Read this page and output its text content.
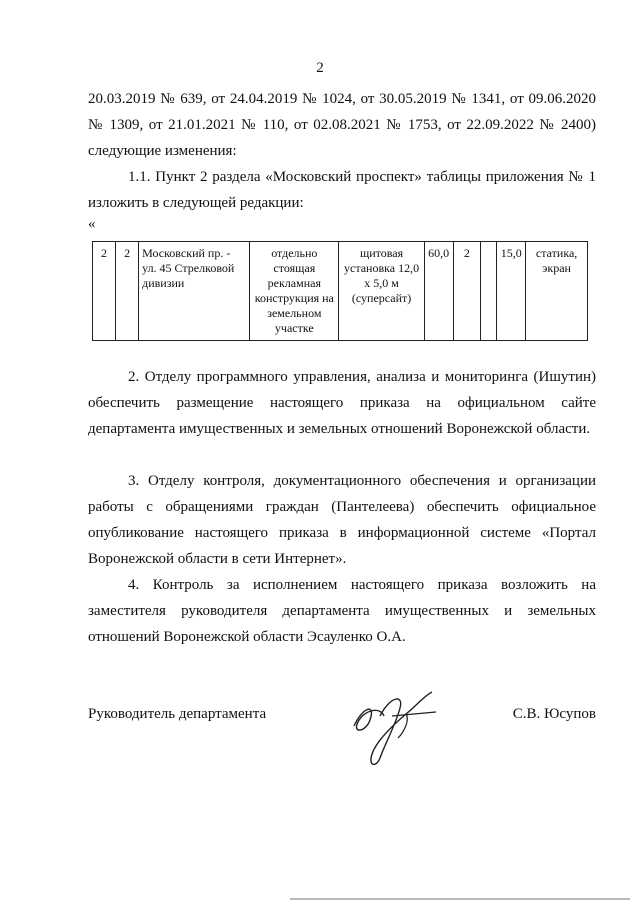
2

20.03.2019 № 639, от 24.04.2019 № 1024, от 30.05.2019 № 1341, от 09.06.2020 № 1309, от 21.01.2021 № 110, от 02.08.2021 № 1753, от 22.09.2022 № 2400) следующие изменения:

1.1. Пункт 2 раздела «Московский проспект» таблицы приложения № 1 изложить в следующей редакции:

«
2	2	Московский пр. - ул. 45 Стрелковой дивизии	отдельно стоящая рекламная конструкция на земельном участке	щитовая установка 12,0 х 5,0 м (суперсайт)	60,0	2		15,0	статика, экран

2. Отделу программного управления, анализа и мониторинга (Ишутин) обеспечить размещение настоящего приказа на официальном сайте департамента имущественных и земельных отношений Воронежской области.

3. Отделу контроля, документационного обеспечения и организации работы с обращениями граждан (Пантелеева) обеспечить официальное опубликование настоящего приказа в информационной системе «Портал Воронежской области в сети Интернет».

4. Контроль за исполнением настоящего приказа возложить на заместителя руководителя департамента имущественных и земельных отношений Воронежской области Эсауленко О.А.

Руководитель департамента	С.В. Юсупов
